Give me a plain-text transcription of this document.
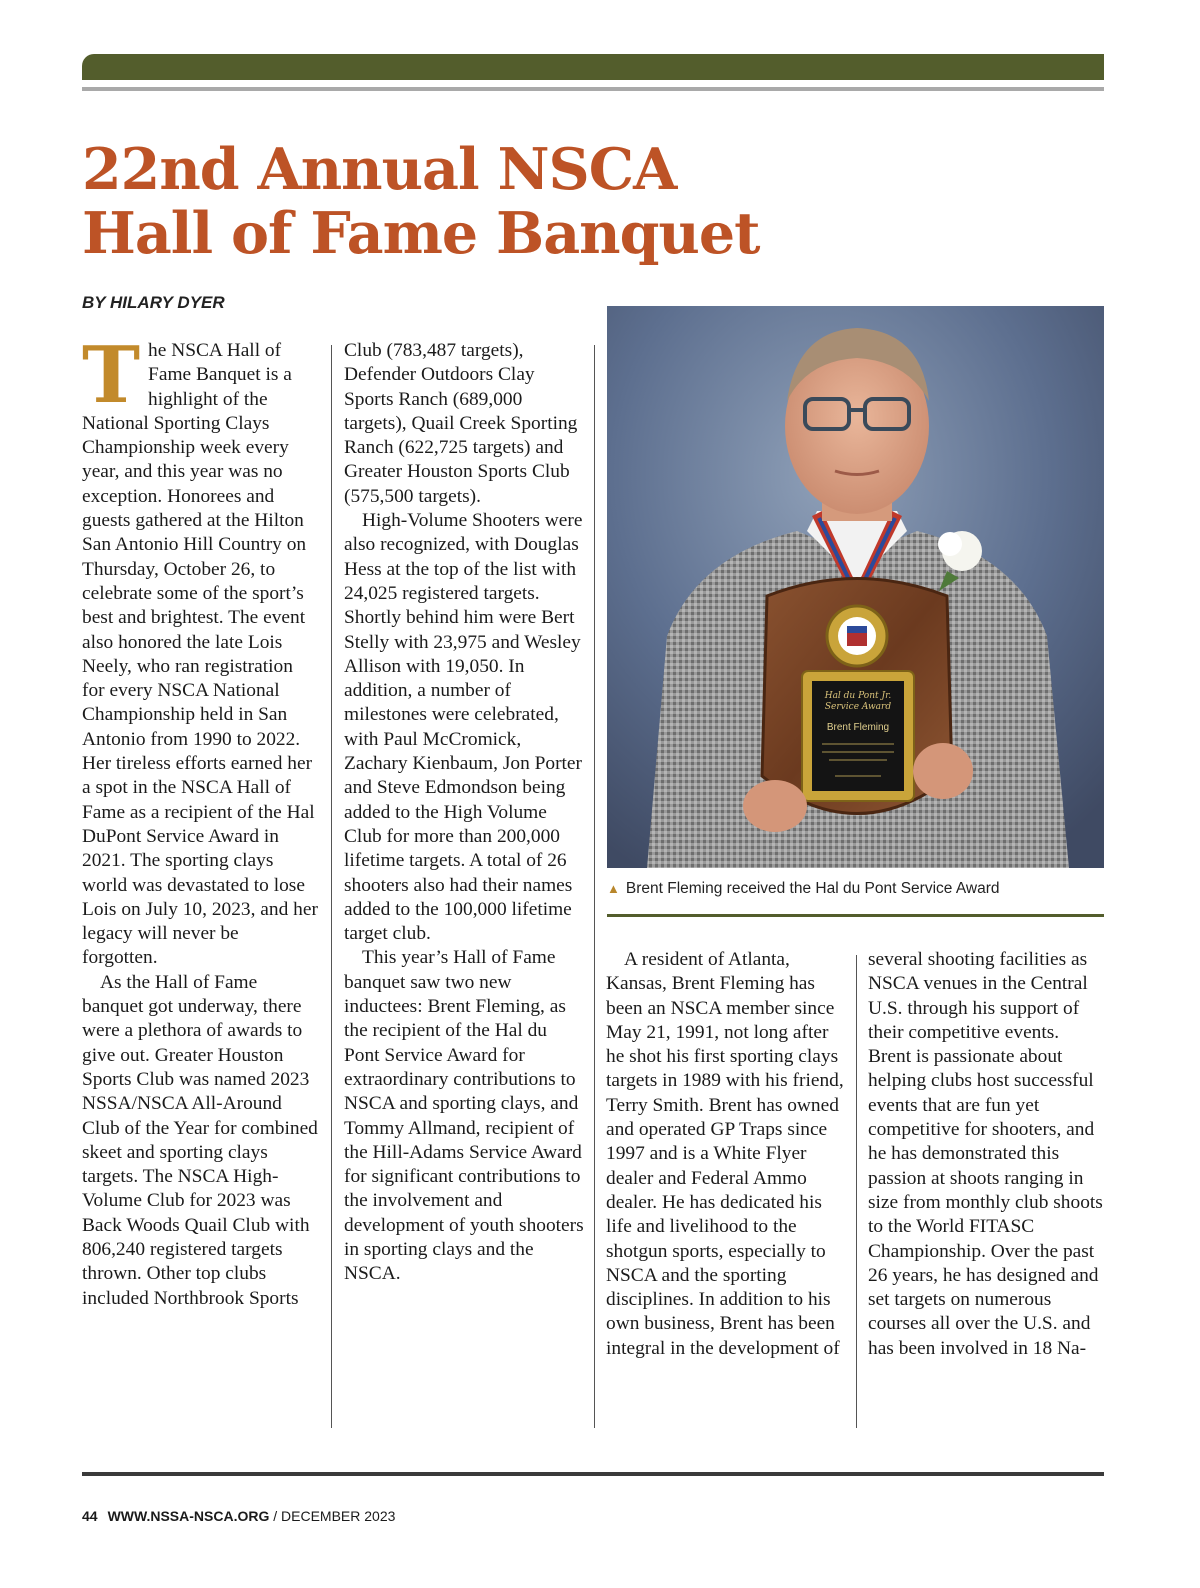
22nd Annual NSCA
Hall of Fame Banquet

BY HILARY DYER

T he NSCA Hall of Fame Banquet is a highlight of the National Sporting Clays Championship week every year, and this year was no exception. Honorees and guests gathered at the Hilton San Antonio Hill Country on Thursday, October 26, to celebrate some of the sport’s best and brightest. The event also honored the late Lois Neely, who ran registration for every NSCA National Championship held in San Antonio from 1990 to 2022. Her tireless efforts earned her a spot in the NSCA Hall of Fame as a recipient of the Hal DuPont Service Award in 2021. The sporting clays world was devastated to lose Lois on July 10, 2023, and her legacy will never be forgotten.

As the Hall of Fame banquet got underway, there were a plethora of awards to give out. Greater Houston Sports Club was named 2023 NSSA/NSCA All-Around Club of the Year for combined skeet and sporting clays targets. The NSCA High-Volume Club for 2023 was Back Woods Quail Club with 806,240 registered targets thrown. Other top clubs included Northbrook Sports

Club (783,487 targets), Defender Outdoors Clay Sports Ranch (689,000 targets), Quail Creek Sporting Ranch (622,725 targets) and Greater Houston Sports Club (575,500 targets).

High-Volume Shooters were also recognized, with Douglas Hess at the top of the list with 24,025 registered targets. Shortly behind him were Bert Stelly with 23,975 and Wesley Allison with 19,050. In addition, a number of milestones were celebrated, with Paul McCromick, Zachary Kienbaum, Jon Porter and Steve Edmondson being added to the High Volume Club for more than 200,000 lifetime targets. A total of 26 shooters also had their names added to the 100,000 lifetime target club.

This year’s Hall of Fame banquet saw two new inductees: Brent Fleming, as the recipient of the Hal du Pont Service Award for extraordinary contributions to NSCA and sporting clays, and Tommy Allmand, recipient of the Hill-Adams Service Award for significant contributions to the involvement and development of youth shooters in sporting clays and the NSCA.

Hal du Pont Jr.
Service Award
Brent Fleming

▲ Brent Fleming received the Hal du Pont Service Award

A resident of Atlanta, Kansas, Brent Fleming has been an NSCA member since May 21, 1991, not long after he shot his first sporting clays targets in 1989 with his friend, Terry Smith. Brent has owned and operated GP Traps since 1997 and is a White Flyer dealer and Federal Ammo dealer. He has dedicated his life and livelihood to the shotgun sports, especially to NSCA and the sporting disciplines. In addition to his own business, Brent has been integral in the development of

several shooting facilities as NSCA venues in the Central U.S. through his support of their competitive events. Brent is passionate about helping clubs host successful events that are fun yet competitive for shooters, and he has demonstrated this passion at shoots ranging in size from monthly club shoots to the World FITASC Championship. Over the past 26 years, he has designed and set targets on numerous courses all over the U.S. and has been involved in 18 Na-

44 WWW.NSSA-NSCA.ORG / DECEMBER 2023
